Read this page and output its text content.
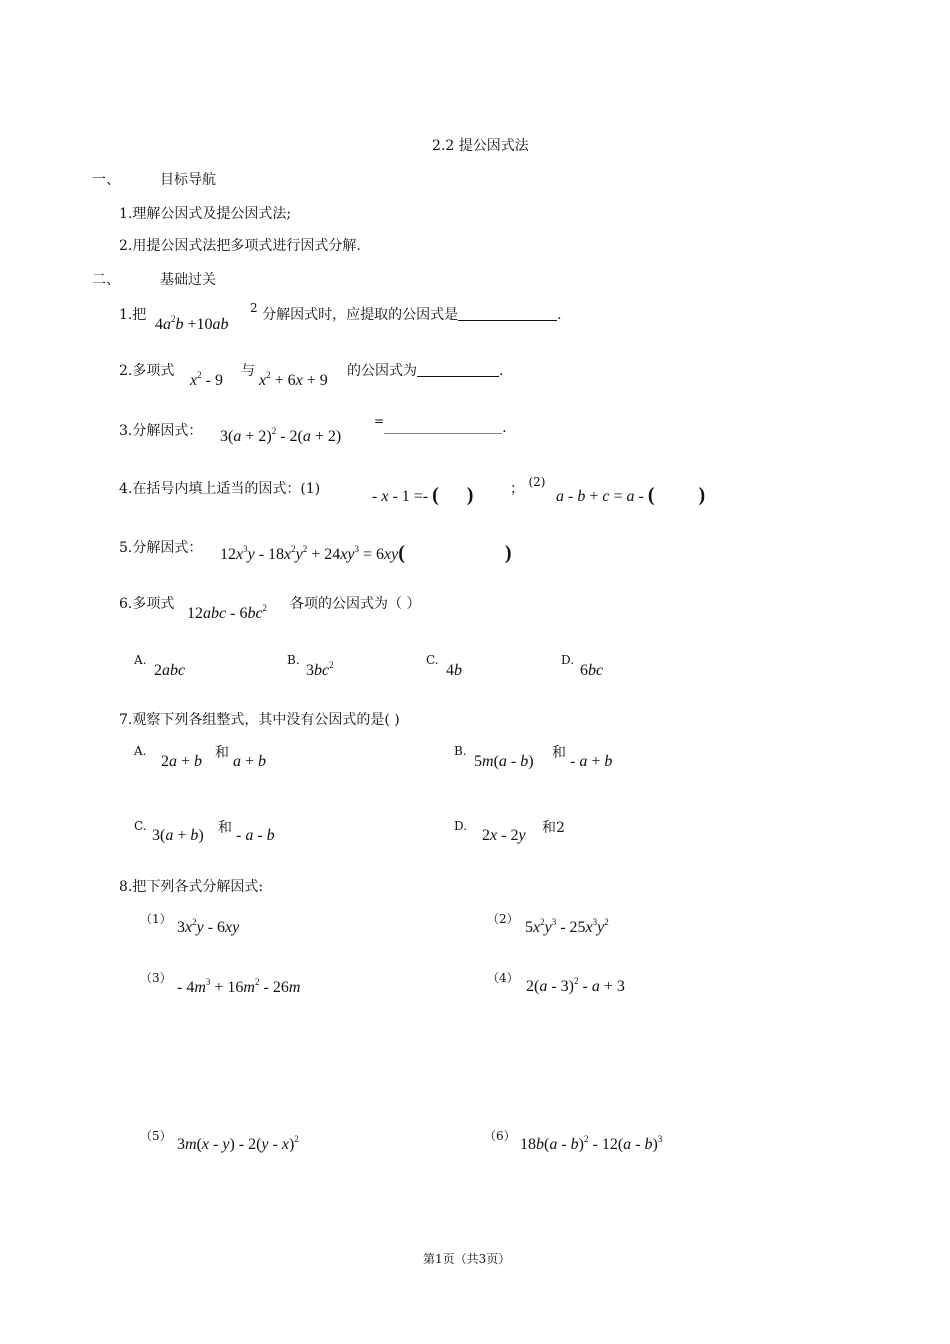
2.2 提公因式法
一、	目标导航
1.理解公因式及提公因式法;
2.用提公因式法把多项式进行因式分解.
二、	基础过关
1.把
$4a^2b +10ab$
$^2$ 分解因式时，应提取的公因式是	.
2.多项式
$x^2 - 9$
与
$x^2 + 6x + 9$
的公因式为	.
3.分解因式： $3(a + 2)^2 - 2(a + 2)$
=	.
4.在括号内填上适当的因式：(1)	- x - 1 =- ( )	； $^{(2)}$
a - b + c = a - ( )
5.分解因式： $12x^3y - 18x^2y^2 + 24xy^3 = 6xy$(	)
6.多项式
$12abc - 6bc^2$ 各项的公因式为（ ）
A.
2abc
B.
$3bc^2$	C.
4b
D.
6bc
7.观察下列各组整式，其中没有公因式的是( )
A.
2a + b 和 a + b
B.
5m(a - b) 和 - a + b
C.
3(a + b) 和 - a - b
D.
2x - 2y 和2
8.把下列各式分解因式:
（1） $3x^2y - 6xy$	（2） $5x^2y^3 - 25x^3y^2$
（3）
- $4m^3 + 16m^2 - 26m$
（4） 2(a - 3)$^2$ - a + 3
（5） 3m(x - y) - 2(y - x)$^2$	（6） 18b(a - b)$^2$ - 12(a - b)$^3$
第1页（共3页）
